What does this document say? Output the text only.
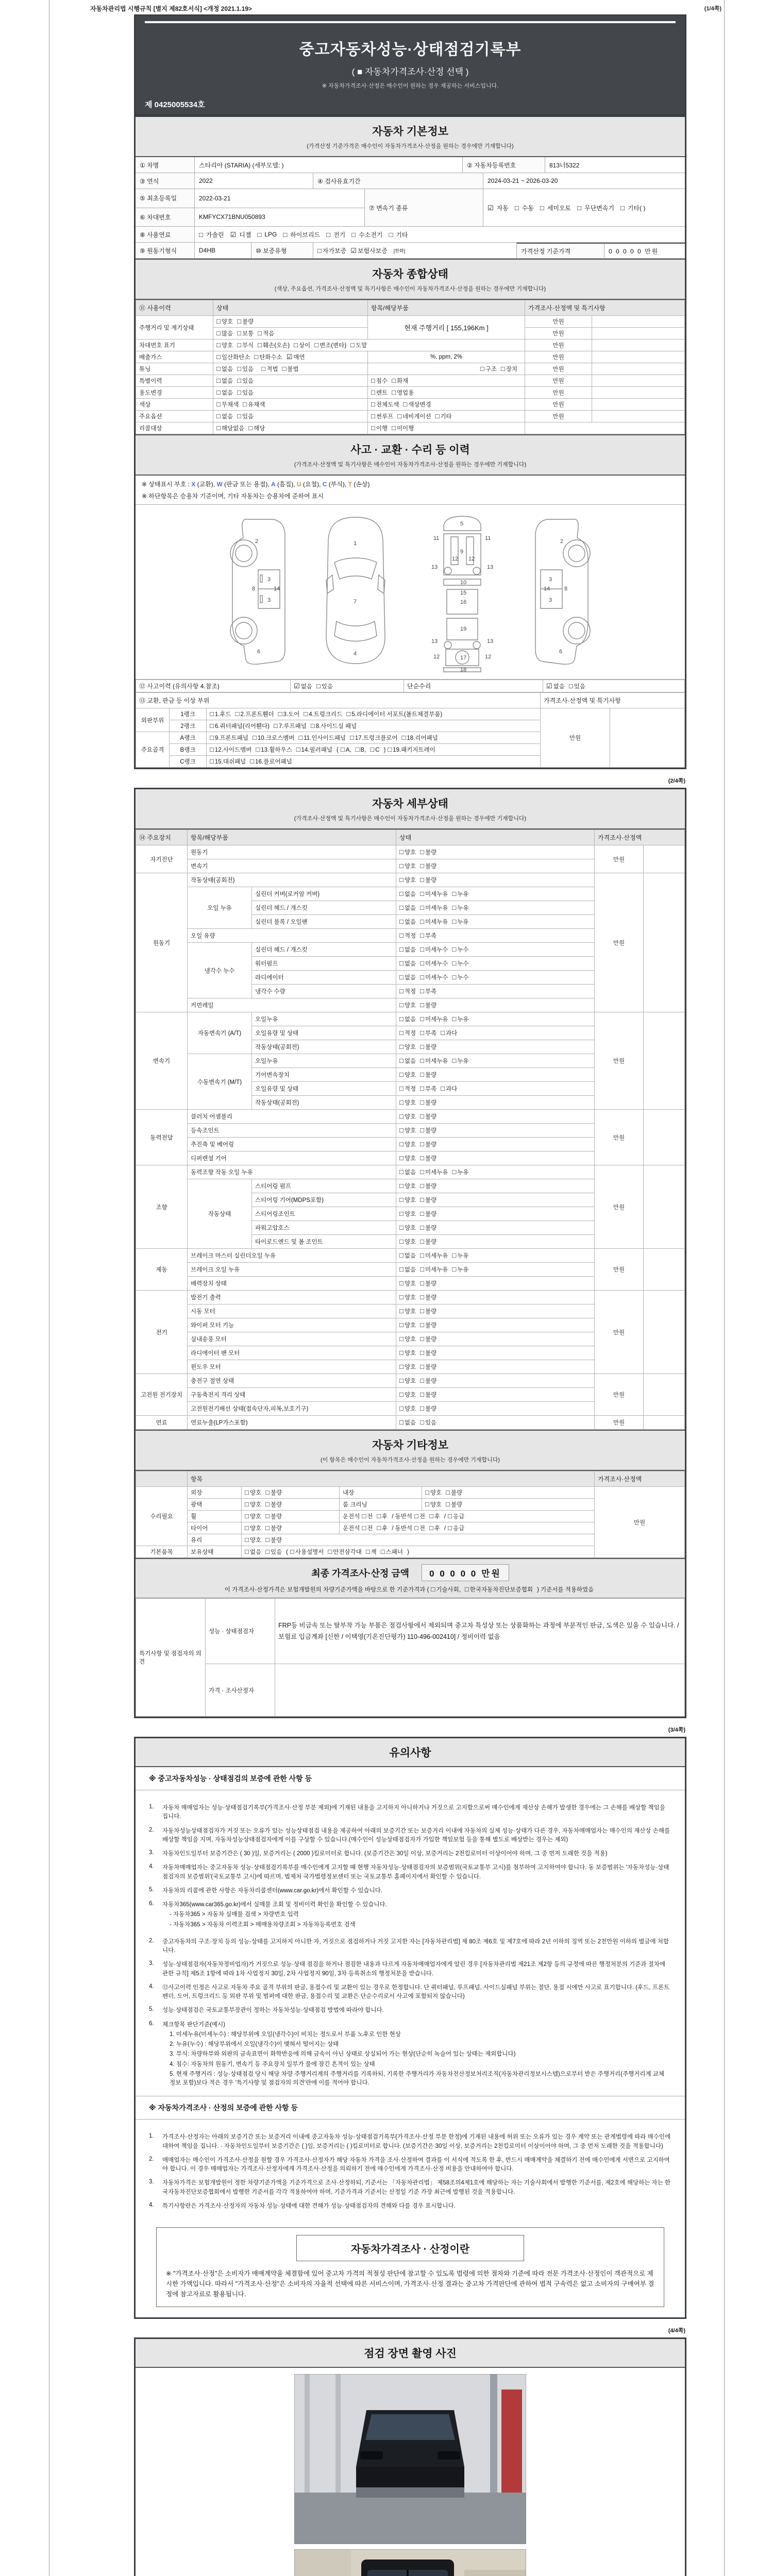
자동차관리법 시행규칙 [별지 제82호서식] <개정 2021.1.19>	(1/4쪽)
중고자동차성능·상태점검기록부
( ■ 자동차가격조사·산정 선택 )
※ 자동차가격조사·산정은 매수인이 원하는 경우 제공하는 서비스입니다.
제 0425005534호
자동차 기본정보
(가격산정 기준가격은 매수인이 자동차가격조사·산정을 원하는 경우에만 기재합니다)
① 차명	스타리아 (STARIA) (세부모델: )	② 자동차등록번호	813너5322
③ 연식	2022	④ 검사유효기간	2024-03-21 ~ 2026-03-20
⑤ 최초등록일	2022-03-21
⑥ 차대번호	KMFYCX71BNU050893
⑦ 변속기 종류	☑ 자동 □ 수동 □ 세미오토 □ 무단변속기 □ 기타( )
⑧ 사용연료	□ 가솔린 ☑ 디젤 □ LPG □ 하이브리드 □ 전기 □ 수소전기 □ 기타
⑨ 원동기형식	D4HB	⑩ 보증유형	□ 자가보증 ☑ 보험사보증	[한화]	가격산정 기준가격	0 0 0 0 0 만원
자동차 종합상태
(색상, 주요옵션, 가격조사·산정액 및 특기사항은 매수인이 자동차가격조사·산정을 원하는 경우에만 기재합니다)
⑪ 사용이력	상태	항목/해당부품	가격조사·산정액 및 특기사항	
주행거리 및 계기상태	□ 양호 □ 불량	현재 주행거리 [ 155,196Km ]	만원	
	□ 많음 □ 보통 □ 적음		만원	
차대번호 표기	□ 양호 □ 부식 □ 훼손(오손) □ 상이 □ 변조(변타) □ 도말		만원	
배출가스	□ 일산화탄소 □ 탄화수소 ☑ 매연	%, ppm, 2%	만원	
튜닝	□ 없음 □ 있음 □ 적법 □ 불법	□ 구조 □ 장치	만원	
특별이력	□ 없음 □ 있음	□ 침수 □ 화재	만원	
용도변경	□ 없음 □ 있음	□ 렌트 □ 영업용	만원	
색상	□ 무채색 □ 유채색	□ 전체도색 □ 색상변경	만원	
주요옵션	□ 없음 □ 있음	□ 썬루프 □ 네비게이션 □ 기타	만원	
리콜대상	□ 해당없음 □ 해당	□ 이행 □ 미이행		
사고 · 교환 · 수리 등 이력
(가격조사·산정액 및 특기사항은 매수인이 자동차가격조사·산정을 원하는 경우에만 기재합니다)
※ 상태표시 부호 : X (교환), W (판금 또는 용접), A (흠집), U (요철), C (부식), T (손상)
※ 하단항목은 승용차 기준이며, 기타 자동차는 승용차에 준하여 표시
2
8
3
14
3
6
1
7
4
5
11	11
13	13
9
12 12
10
15
16
13	13
19
12	17	12
18
2
3
8
14
3
6
⑫ 사고이력 (유의사항 4.참조)	☑ 없음 □ 있음	단순수리	☑ 없음 □ 있음
⑬ 교환, 판금 등 이상 부위			가격조사·산정액 및 특기사항	
외판부위	1랭크	□ 1.후드 □ 2.프론트휀더 □ 3.도어 □ 4.트렁크리드 □ 5.라디에이터 서포트(볼트체결부품)	만원	
	2랭크	□ 6.쿼터패널(리어휀다) □ 7.루프패널 □ 8.사이드실 패널		
주요골격	A랭크	□ 9.프론트패널 □ 10.크로스멤버 □ 11.인사이드패널 □ 17.트렁크플로어 □ 18.리어패널		
	B랭크	□ 12.사이드멤버 □ 13.휠하우스 □ 14.필러패널 ( □ A, □ B, □ C ) □ 19.패키지트레이		
	C랭크	□ 15.대쉬패널 □ 16.플로어패널		
(2/4쪽)
자동차 세부상태
(가격조사·산정액 및 특기사항은 매수인이 자동차가격조사·산정을 원하는 경우에만 기재합니다)
⑭ 주요장치	항목/해당부품		상태	가격조사·산정액	
자기진단	원동기		□ 양호 □ 불량	만원	
	변속기		□ 양호 □ 불량		
원동기	작동상태(공회전)		□ 양호 □ 불량	만원	
	오일 누유	실린더 커버(로커암 커버)	□ 없음 □ 미세누유 □ 누유		
		실린더 헤드 / 개스킷	□ 없음 □ 미세누유 □ 누유		
		실린더 블록 / 오일팬	□ 없음 □ 미세누유 □ 누유		
	오일 유량		□ 적정 □ 부족		
	냉각수 누수	실린더 헤드 / 개스킷	□ 없음 □ 미세누수 □ 누수		
		워터펌프	□ 없음 □ 미세누수 □ 누수		
		라디에이터	□ 없음 □ 미세누수 □ 누수		
		냉각수 수량	□ 적정 □ 부족		
	커먼레일		□ 양호 □ 불량		
변속기	자동변속기 (A/T)	오일누유	□ 없음 □ 미세누유 □ 누유	만원	
		오일유량 및 상태	□ 적정 □ 부족 □ 과다		
		작동상태(공회전)	□ 양호 □ 불량		
	수동변속기 (M/T)	오일누유	□ 없음 □ 미세누유 □ 누유		
		기어변속장치	□ 양호 □ 불량		
		오일유량 및 상태	□ 적정 □ 부족 □ 과다		
		작동상태(공회전)	□ 양호 □ 불량		
동력전달	클러치 어셈블리		□ 양호 □ 불량	만원	
	등속조인트		□ 양호 □ 불량		
	추진축 및 베어링		□ 양호 □ 불량		
	디퍼렌셜 기어		□ 양호 □ 불량		
조향	동력조향 작동 오일 누유		□ 없음 □ 미세누유 □ 누유	만원	
	작동상태	스티어링 펌프	□ 양호 □ 불량		
		스티어링 기어(MDPS포함)	□ 양호 □ 불량		
		스티어링조인트	□ 양호 □ 불량		
		파워고압호스	□ 양호 □ 불량		
		타이로드엔드 및 볼 조인트	□ 양호 □ 불량		
제동	브레이크 마스터 실린더오일 누유		□ 없음 □ 미세누유 □ 누유	만원	
	브레이크 오일 누유		□ 없음 □ 미세누유 □ 누유		
	배력장치 상태		□ 양호 □ 불량		
전기	발전기 출력		□ 양호 □ 불량	만원	
	시동 모터		□ 양호 □ 불량		
	와이퍼 모터 기능		□ 양호 □ 불량		
	실내송풍 모터		□ 양호 □ 불량		
	라디에이터 팬 모터		□ 양호 □ 불량		
	윈도우 모터		□ 양호 □ 불량		
고전원 전기장치	충전구 절연 상태		□ 양호 □ 불량	만원	
	구동축전지 격리 상태		□ 양호 □ 불량		
	고전원전기배선 상태(접속단자,피복,보호기구)		□ 양호 □ 불량		
연료	연료누출(LP가스포함)		□ 없음 □ 있음	만원	
자동차 기타정보
(이 항목은 매수인이 자동차가격조사·산정을 원하는 경우에만 기재합니다)
	항목				가격조사·산정액
수리필요	외장	□ 양호 □ 불량	내장	□ 양호 □ 불량	만원
	광택	□ 양호 □ 불량	룸 크리닝	□ 양호 □ 불량	
	휠	□ 양호 □ 불량	운전석 □ 전 □ 후 / 동반석 □ 전 □ 후 / □ 응급		
	타이어	□ 양호 □ 불량	운전석 □ 전 □ 후 / 동반석 □ 전 □ 후 / □ 응급		
	유리	□ 양호 □ 불량			
기본품목	보유상태	□ 없음 □ 있음 ( □ 사용설명서 □ 안전삼각대 □ 잭 □ 스패너 )			
최종 가격조사·산정 금액 0 0 0 0 0 만원
이 가격조사·산정가격은 보험개발원의 차량기준가액을 바탕으로 한 기준가격과 ( □ 기술사회, □ 한국자동차진단보증협회 ) 기준서를 적용하였음
특기사항 및 점검자의 의견	성능 · 상태점검자	FRP등 비금속 또는 탈부착 가능 부품은 점검사항에서 제외되며 중고차 특성상 또는 상품화하는 과정에 부분적인 판금, 도색은 있을 수 있습니다. / 보험료 입금계좌 [신한 / 이택영(기온진단평가) 110-496-002410] / 정비이력 없음
	가격 · 조사산정자	
(3/4쪽)
유의사항
※ 중고자동차성능 · 상태점검의 보증에 관한 사항 등
1.	자동차 매매업자는 성능·상태점검기록부(가격조사·산정 부분 제외)에 기재된 내용을 고지하지 아니하거나 거짓으로 고지함으로써 매수인에게 재산상 손해가 발생한 경우에는 그 손해를 배상할 책임을 집니다.
2.	자동차성능상태점검자가 거짓 또는 오류가 있는 성능상태점검 내용을 제공하여 아래의 보증기간 또는 보증거리 이내에 자동차의 실제 성능·상태가 다른 경우, 자동차매매업자는 매수인의 재산상 손해를 배상할 책임을 지며, 자동차성능상태점검자에게 이를 구상할 수 있습니다.(매수인이 성능상태점검자가 가입한 책임보험 등을 통해 별도로 배상받는 경우는 제외)
3.	자동차인도일부터 보증기간은 ( 30 )일, 보증거리는 ( 2000 )킬로미터로 합니다. (보증기간은 30일 이상, 보증거리는 2천킬로미터 이상이어야 하며, 그 중 먼저 도래한 것을 적용)
4.	자동차매매업자는 중고자동차 성능·상태점검기록부를 매수인에게 고지할 때 현행 자동차성능·상태점검자의 보증범위(국토교통부 고시)를 첨부하여 고지하여야 합니다. 동 보증범위는 '자동차성능·상태점검자의 보증범위'(국토교통부 고시)에 따르며, 법제처 국가법령정보센터 또는 국토교통부 홈페이지에서 확인할 수 있습니다.
5.	자동차의 리콜에 관한 사항은 자동차리콜센터(www.car.go.kr)에서 확인할 수 있습니다.
6.	자동차365(www.car365.go.kr)에서 실매물 조회 및 정비이력 확인을 확인할 수 있습니다.
- 자동차365 > 자동차 실매물 검색 > 차량번호 입력
- 자동차365 > 자동차 이력조회 > 매매용차량조회 > 자동차등록번호 검색
2.	중고자동차의 구조·장치 등의 성능·상태를 고지하지 아니한 자, 거짓으로 점검하거나 거짓 고지한 자는 [자동차관리법] 제 80조 제6호 및 제7호에 따라 2년 이하의 징역 또는 2천만원 이하의 벌금에 처합니다.
3.	성능·상태점검자(자동차정비업자)가 거짓으로 성능·상태 점검을 하거나 점검한 내용과 다르게 자동차매매업자에게 알린 경우 [자동차관리법 제21조 제2항 등의 규정에 따른 행정처분의 기준과 절차에 관한 규칙] 제5조 1항에 따라 1차 사업정지 30일, 2차 사업정지 90일, 3차 등록취소의 행정처분을 받습니다.
4.	⑫사고이력 인정은 사고로 자동차 주요 골격 부위의 판금, 용접수리 및 교환이 있는 경우로 한정합니다. 단 쿼터패널, 루프패널, 사이드실패널 부위는 절단, 용접 시에만 사고로 표기합니다. (후드, 프론트펜더, 도어, 트렁크리드 등 외판 부위 및 범퍼에 대한 판금, 용접수리 및 교환은 단순수리로서 사고에 포함되지 않습니다)
5.	성능·상태점검은 국토교통부장관이 정하는 자동차성능·상태점검 방법에 따라야 합니다.
6.	체크항목 판단기준(예시)
1. 미세누유(미세누수) : 해당부위에 오일(냉각수)이 비치는 정도로서 부품 노후로 인한 현상
2. 누유(누수) : 해당부위에서 오일(냉각수)이 맺혀서 떨어지는 상태
3. 부식: 차량하부와 외판의 금속표면이 화학반응에 의해 금속이 아닌 상태로 상실되어 가는 현상(단순히 녹슬어 있는 상태는 제외합니다)
4. 침수: 자동차의 원동기, 변속기 등 주요장치 일부가 물에 잠긴 흔적이 있는 상태
5. 현재 주행거리 : 성능·상태점검 당시 해당 차량 주행거리계의 주행거리를 기록하되, 기록한 주행거리가 자동차전산정보처리조직(자동차관리정보시스템)으로부터 받은 주행거리(주행거리계 교체 정보 포함)보다 적은 경우 '특기사항 및 점검자의 의견'란에 이를 적어야 합니다.
※ 자동차가격조사 · 산정의 보증에 관한 사항 등
1.	가격조사·산정자는 아래의 보증기간 또는 보증거리 이내에 중고자동차 성능·상태점검기록부(가격조사·산정 부분 한정)에 기재된 내용에 허위 또는 오류가 있는 경우 계약 또는 관계법령에 따라 매수인에 대하여 책임을 집니다. · 자동차인도일부터 보증기간은 ( )일, 보증거리는 ( )킬로미터로 합니다. (보증기간은 30일 이상, 보증거리는 2천킬로미터 이상이어야 하며, 그 중 먼저 도래한 것을 적용합니다)
2.	매매업자는 매수인이 가격조사·산정을 원할 경우 가격조사·산정자가 해당 자동차 가격을 조사·산정하여 결과를 이 서식에 적도록 한 후, 반드시 매매계약을 체결하기 전에 매수인에게 서면으로 고지하여야 합니다. 이 경우 매매업자는 가격조사·산정자에게 가격조사·산정을 의뢰하기 전에 매수인에게 가격조사·산정 비용을 안내하여야 합니다.
3.	자동차가격은 보험개발원이 정한 차량기준가액을 기준가격으로 조사·산정하되, 기준서는 「자동차관리법」 제58조의4제1호에 해당하는 자는 기술사회에서 발행한 기준서를, 제2호에 해당하는 자는 한국자동차진단보증협회에서 발행한 기준서를 각각 적용하여야 하며, 기준가격과 기준서는 산정일 기준 가장 최근에 발행된 것을 적용합니다.
4.	특기사항란은 가격조사·산정자의 자동차 성능·상태에 대한 견해가 성능·상태점검자의 견해와 다를 경우 표시합니다.
자동차가격조사 · 산정이란
※ "가격조사·산정"은 소비자가 매매계약을 체결함에 있어 중고차 가격의 적절성 판단에 참고할 수 있도록 법령에 의한 절차와 기준에 따라 전문 가격조사·산정인이 객관적으로 제시한 가액입니다. 따라서 "가격조사·산정"은 소비자의 자율적 선택에 따른 서비스이며, 가격조사·산정 결과는 중고차 가격판단에 관하여 법적 구속력은 없고 소비자의 구매여부 결정에 참고자료로 활용됩니다.
(4/4쪽)
점검 장면 촬영 사진
